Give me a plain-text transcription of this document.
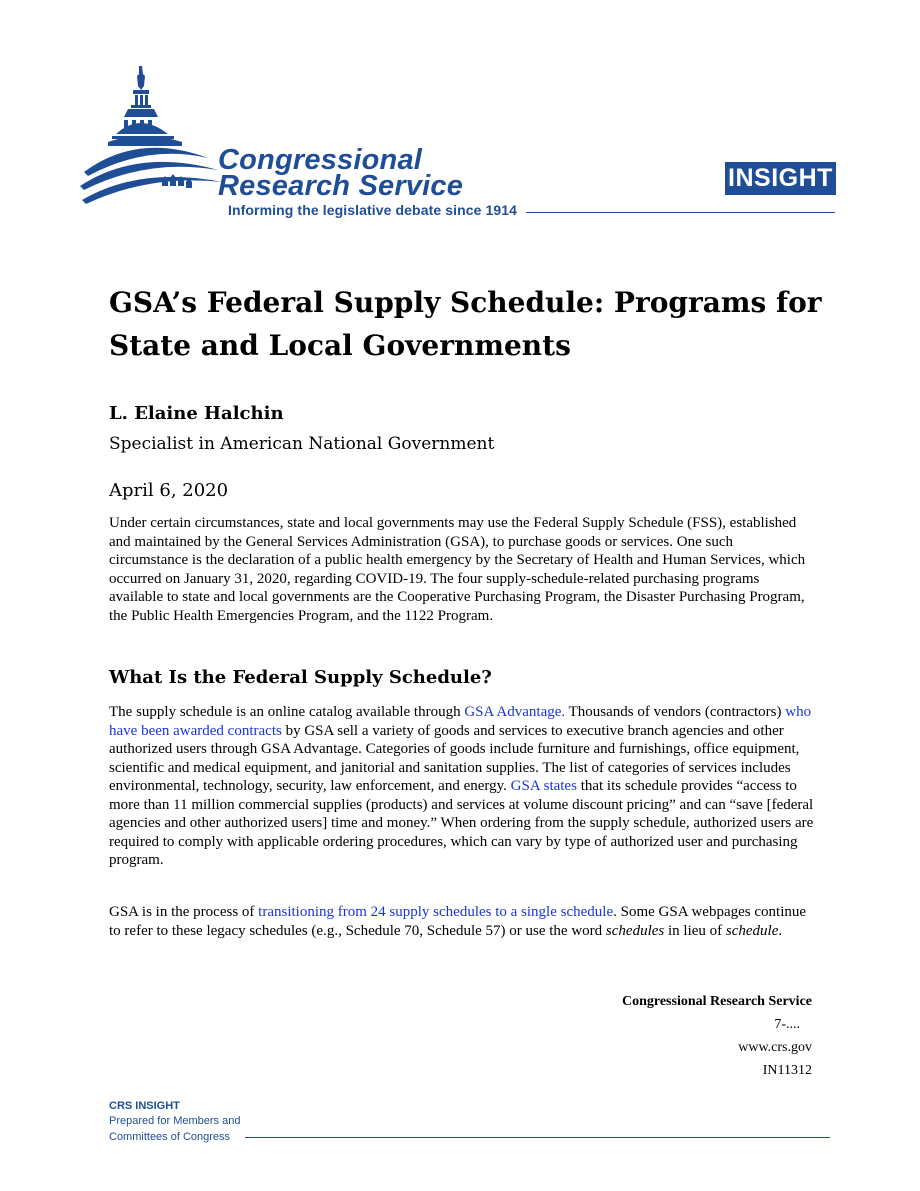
Congressional
Research Service
Informing the legislative debate since 1914
INSIGHT
GSA’s Federal Supply Schedule: Programs for State and Local Governments
L. Elaine Halchin
Specialist in American National Government
April 6, 2020
Under certain circumstances, state and local governments may use the Federal Supply Schedule (FSS), established and maintained by the General Services Administration (GSA), to purchase goods or services. One such circumstance is the declaration of a public health emergency by the Secretary of Health and Human Services, which occurred on January 31, 2020, regarding COVID-19. The four supply-schedule-related purchasing programs available to state and local governments are the Cooperative Purchasing Program, the Disaster Purchasing Program, the Public Health Emergencies Program, and the 1122 Program.
What Is the Federal Supply Schedule?
The supply schedule is an online catalog available through GSA Advantage. Thousands of vendors (contractors) who have been awarded contracts by GSA sell a variety of goods and services to executive branch agencies and other authorized users through GSA Advantage. Categories of goods include furniture and furnishings, office equipment, scientific and medical equipment, and janitorial and sanitation supplies. The list of categories of services includes environmental, technology, security, law enforcement, and energy. GSA states that its schedule provides “access to more than 11 million commercial supplies (products) and services at volume discount pricing” and can “save [federal agencies and other authorized users] time and money.” When ordering from the supply schedule, authorized users are required to comply with applicable ordering procedures, which can vary by type of authorized user and purchasing program.
GSA is in the process of transitioning from 24 supply schedules to a single schedule. Some GSA webpages continue to refer to these legacy schedules (e.g., Schedule 70, Schedule 57) or use the word schedules in lieu of schedule.
Congressional Research Service
7-....
www.crs.gov
IN11312
CRS INSIGHT
Prepared for Members and
Committees of Congress
